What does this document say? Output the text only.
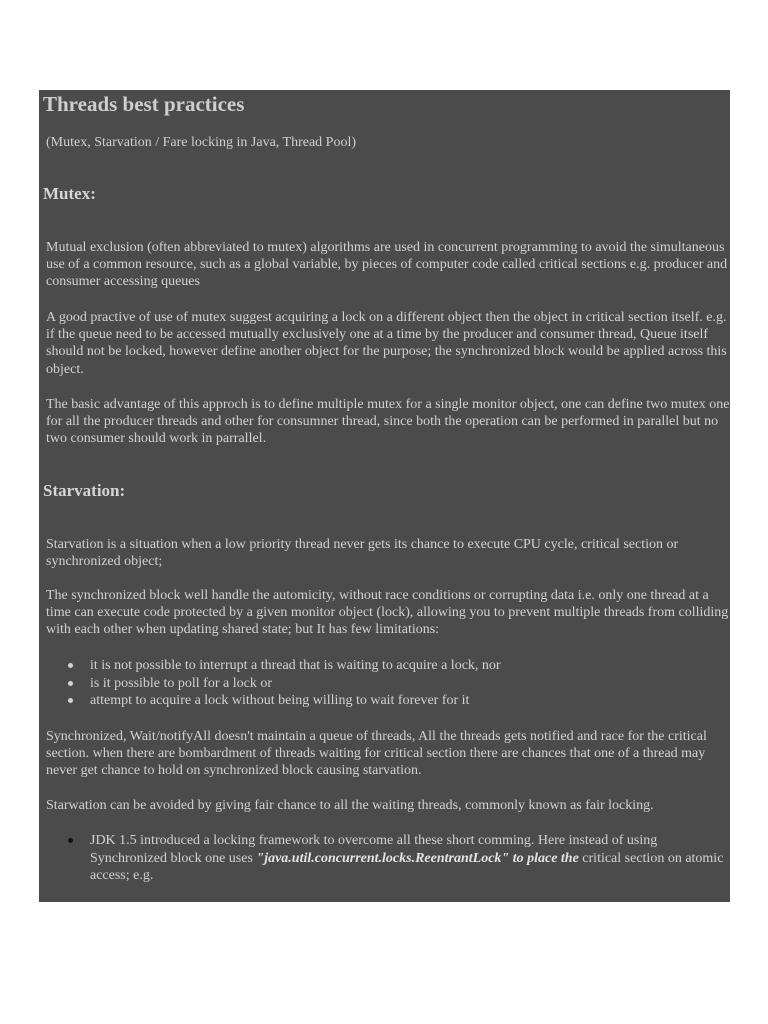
Threads best practices

(Mutex, Starvation / Fare locking in Java, Thread Pool)

Mutex:

Mutual exclusion (often abbreviated to mutex) algorithms are used in concurrent programming to avoid the simultaneous use of a common resource, such as a global variable, by pieces of computer code called critical sections e.g. producer and consumer accessing queues

A good practive of use of mutex suggest acquiring a lock on a different object then the object in critical section itself. e.g. if the queue need to be accessed mutually exclusively one at a time by the producer and consumer thread, Queue itself should not be locked, however define another object for the purpose; the synchronized block would be applied across this object.

The basic advantage of this approch is to define multiple mutex for a single monitor object, one can define two mutex one for all the producer threads and other for consumner thread, since both the operation can be performed in parallel but no two consumer should work in parrallel.

Starvation:

Starvation is a situation when a low priority thread never gets its chance to execute CPU cycle, critical section or synchronized object;

The synchronized block well handle the automicity, without race conditions or corrupting data i.e. only one thread at a time can execute code protected by a given monitor object (lock), allowing you to prevent multiple threads from colliding with each other when updating shared state; but It has few limitations:

it is not possible to interrupt a thread that is waiting to acquire a lock, nor
is it possible to poll for a lock or
attempt to acquire a lock without being willing to wait forever for it

Synchronized, Wait/notifyAll doesn't maintain a queue of threads, All the threads gets notified and race for the critical section. when there are bombardment of threads waiting for critical section there are chances that one of a thread may never get chance to hold on synchronized block causing starvation.

Starwation can be avoided by giving fair chance to all the waiting threads, commonly known as fair locking.

JDK 1.5 introduced a locking framework to overcome all these short comming. Here instead of using Synchronized block one uses "java.util.concurrent.locks.ReentrantLock" to place the critical section on atomic access; e.g.
